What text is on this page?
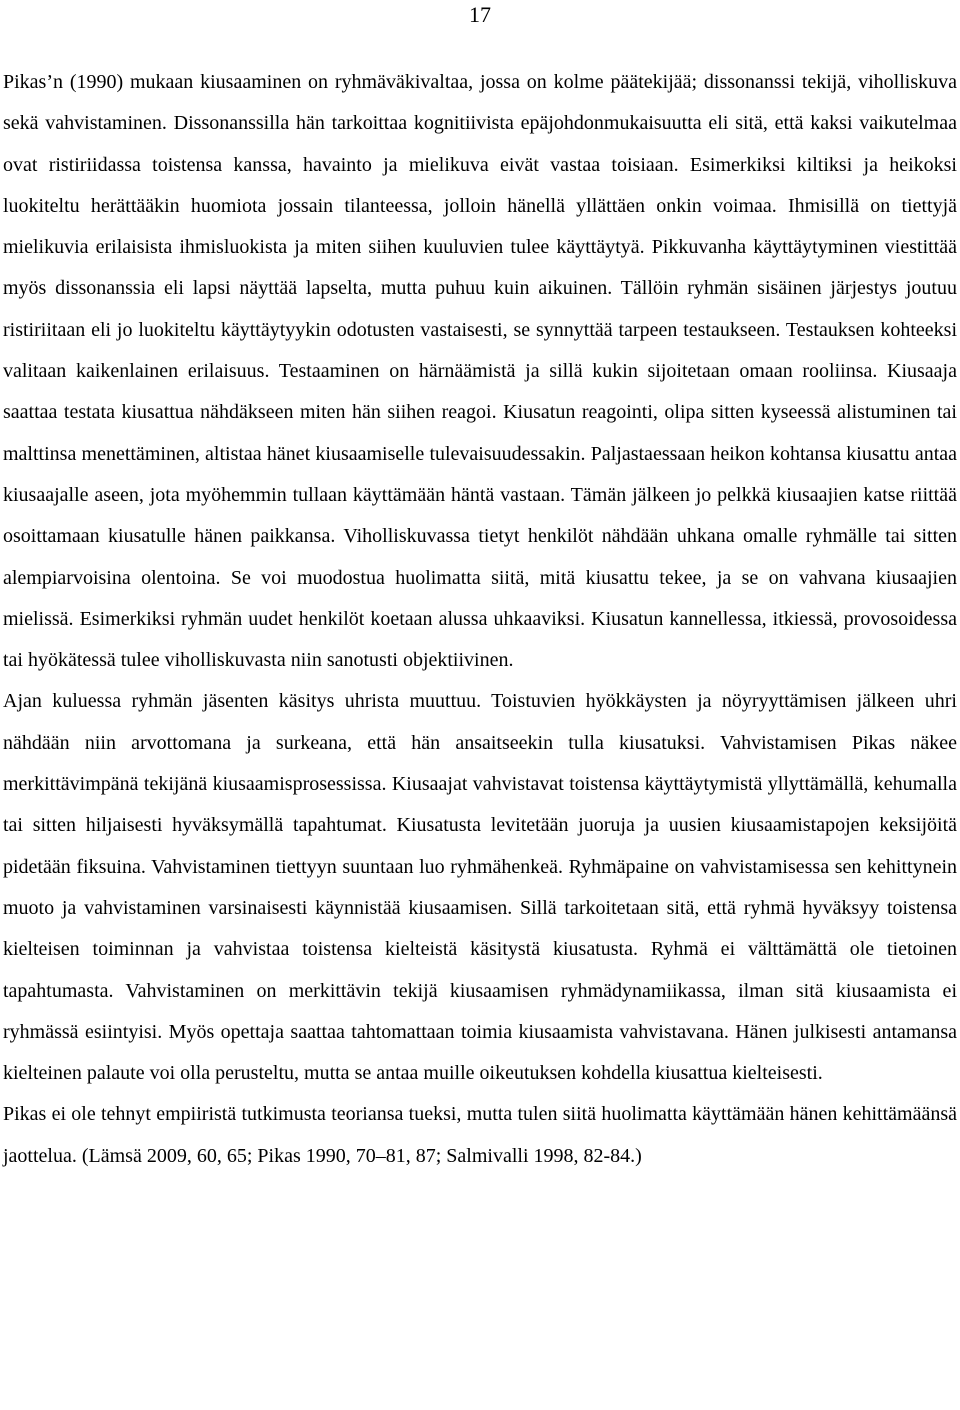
17

Pikas’n (1990) mukaan kiusaaminen on ryhmäväkivaltaa, jossa on kolme päätekijää; dissonanssi tekijä, viholliskuva sekä vahvistaminen. Dissonanssilla hän tarkoittaa kognitiivista epäjohdonmukaisuutta eli sitä, että kaksi vaikutelmaa ovat ristiriidassa toistensa kanssa, havainto ja mielikuva eivät vastaa toisiaan. Esimerkiksi kiltiksi ja heikoksi luokiteltu herättääkin huomiota jossain tilanteessa, jolloin hänellä yllättäen onkin voimaa. Ihmisillä on tiettyjä mielikuvia erilaisista ihmisluokista ja miten siihen kuuluvien tulee käyttäytyä. Pikkuvanha käyttäytyminen viestittää myös dissonanssia eli lapsi näyttää lapselta, mutta puhuu kuin aikuinen. Tällöin ryhmän sisäinen järjestys joutuu ristiriitaan eli jo luokiteltu käyttäytyykin odotusten vastaisesti, se synnyttää tarpeen testaukseen. Testauksen kohteeksi valitaan kaikenlainen erilaisuus. Testaaminen on härnäämistä ja sillä kukin sijoitetaan omaan rooliinsa. Kiusaaja saattaa testata kiusattua nähdäkseen miten hän siihen reagoi. Kiusatun reagointi, olipa sitten kyseessä alistuminen tai malttinsa menettäminen, altistaa hänet kiusaamiselle tulevaisuudessakin. Paljastaessaan heikon kohtansa kiusattu antaa kiusaajalle aseen, jota myöhemmin tullaan käyttämään häntä vastaan. Tämän jälkeen jo pelkkä kiusaajien katse riittää osoittamaan kiusatulle hänen paikkansa. Viholliskuvassa tietyt henkilöt nähdään uhkana omalle ryhmälle tai sitten alempiarvoisina olentoina. Se voi muodostua huolimatta siitä, mitä kiusattu tekee, ja se on vahvana kiusaajien mielissä. Esimerkiksi ryhmän uudet henkilöt koetaan alussa uhkaaviksi. Kiusatun kannellessa, itkiessä, provosoidessa tai hyökätessä tulee viholliskuvasta niin sanotusti objektiivinen.

Ajan kuluessa ryhmän jäsenten käsitys uhrista muuttuu. Toistuvien hyökkäysten ja nöyryyttämisen jälkeen uhri nähdään niin arvottomana ja surkeana, että hän ansaitseekin tulla kiusatuksi. Vahvistamisen Pikas näkee merkittävimpänä tekijänä kiusaamisprosessissa. Kiusaajat vahvistavat toistensa käyttäytymistä yllyttämällä, kehumalla tai sitten hiljaisesti hyväksymällä tapahtumat. Kiusatusta levitetään juoruja ja uusien kiusaamistapojen keksijöitä pidetään fiksuina. Vahvistaminen tiettyyn suuntaan luo ryhmähenkeä. Ryhmäpaine on vahvistamisessa sen kehittynein muoto ja vahvistaminen varsinaisesti käynnistää kiusaamisen. Sillä tarkoitetaan sitä, että ryhmä hyväksyy toistensa kielteisen toiminnan ja vahvistaa toistensa kielteistä käsitystä kiusatusta. Ryhmä ei välttämättä ole tietoinen tapahtumasta. Vahvistaminen on merkittävin tekijä kiusaamisen ryhmädynamiikassa, ilman sitä kiusaamista ei ryhmässä esiintyisi. Myös opettaja saattaa tahtomattaan toimia kiusaamista vahvistavana. Hänen julkisesti antamansa kielteinen palaute voi olla perusteltu, mutta se antaa muille oikeutuksen kohdella kiusattua kielteisesti.

Pikas ei ole tehnyt empiiristä tutkimusta teoriansa tueksi, mutta tulen siitä huolimatta käyttämään hänen kehittämäänsä jaottelua. (Lämsä 2009, 60, 65; Pikas 1990, 70–81, 87; Salmivalli 1998, 82-84.)
